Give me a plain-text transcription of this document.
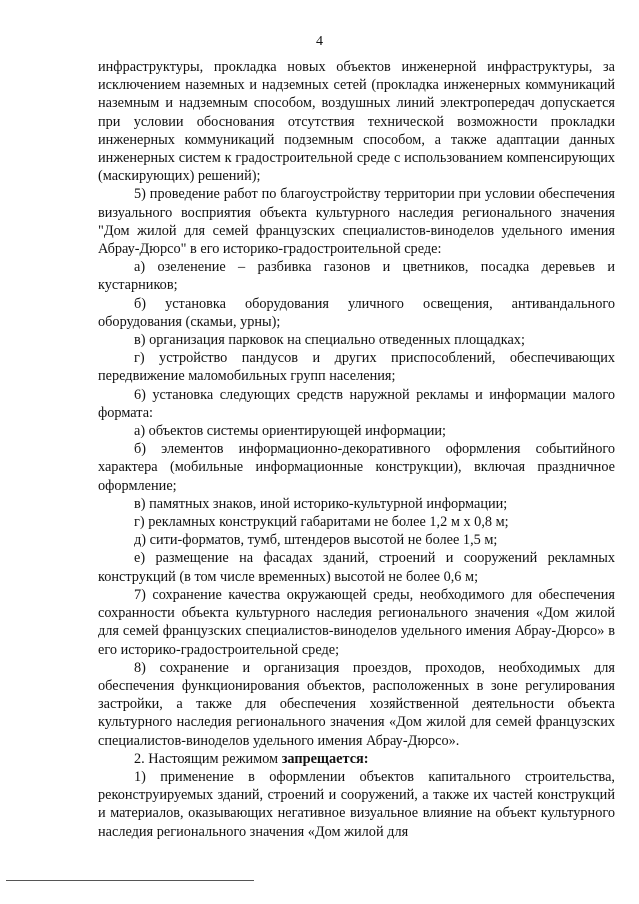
4

инфраструктуры, прокладка новых объектов инженерной инфраструктуры, за исключением наземных и надземных сетей (прокладка инженерных коммуникаций наземным и надземным способом, воздушных линий электропередач допускается при условии обоснования отсутствия технической возможности прокладки инженерных коммуникаций подземным способом, а также адаптации данных инженерных систем к градостроительной среде с использованием компенсирующих (маскирующих) решений);

5) проведение работ по благоустройству территории при условии обеспечения визуального восприятия объекта культурного наследия регионального значения "Дом жилой для семей французских специалистов-виноделов удельного имения Абрау-Дюрсо" в его историко-градостроительной среде:

а) озеленение – разбивка газонов и цветников, посадка деревьев и кустарников;

б) установка оборудования уличного освещения, антивандального оборудования (скамьи, урны);

в) организация парковок на специально отведенных площадках;

г) устройство пандусов и других приспособлений, обеспечивающих передвижение маломобильных групп населения;

6) установка следующих средств наружной рекламы и информации малого формата:

а) объектов системы ориентирующей информации;

б) элементов информационно-декоративного оформления событийного характера (мобильные информационные конструкции), включая праздничное оформление;

в) памятных знаков, иной историко-культурной информации;

г) рекламных конструкций габаритами не более 1,2 м x 0,8 м;

д) сити-форматов, тумб, штендеров высотой не более 1,5 м;

е) размещение на фасадах зданий, строений и сооружений рекламных конструкций (в том числе временных) высотой не более 0,6 м;

7) сохранение качества окружающей среды, необходимого для обеспечения сохранности объекта культурного наследия регионального значения «Дом жилой для семей французских специалистов-виноделов удельного имения Абрау-Дюрсо» в его историко-градостроительной среде;

8) сохранение и организация проездов, проходов, необходимых для обеспечения функционирования объектов, расположенных в зоне регулирования застройки, а также для обеспечения хозяйственной деятельности объекта культурного наследия регионального значения «Дом жилой для семей французских специалистов-виноделов удельного имения Абрау-Дюрсо».

2. Настоящим режимом запрещается:

1) применение в оформлении объектов капитального строительства, реконструируемых зданий, строений и сооружений, а также их частей конструкций и материалов, оказывающих негативное визуальное влияние на объект культурного наследия регионального значения «Дом жилой для
